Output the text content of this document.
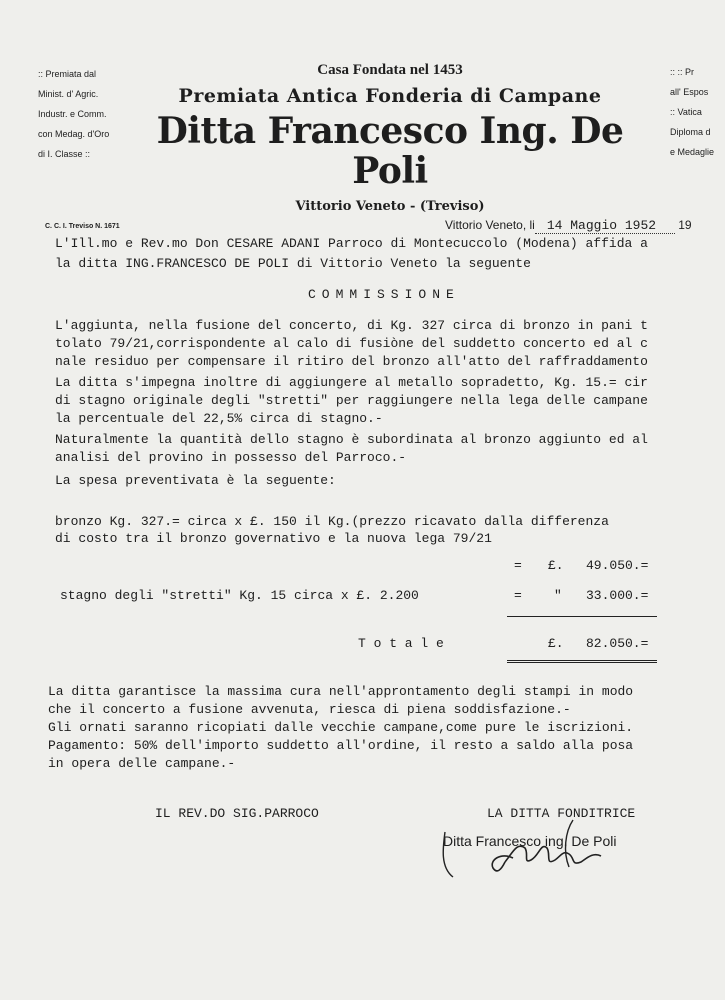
:: Premiata dal
Minist. d' Agric.
Industr. e Comm.
con Medag. d'Oro
di I. Classe ::
Casa Fondata nel 1453
Premiata Antica Fonderia di Campane
Ditta Francesco Ing. De Poli
Vittorio Veneto - (Treviso)
:: :: Pr
all' Espos
:: Vatica
Diploma d
e Medaglie
C. C. I. Treviso N. 1671	Vittorio Veneto, li 14 Maggio 1952 19
L'Ill.mo e Rev.mo Don CESARE ADANI Parroco di Montecuccolo (Modena) affida a
la ditta ING.FRANCESCO DE POLI di Vittorio Veneto la seguente
COMMISSIONE
L'aggiunta, nella fusione del concerto, di Kg. 327 circa di bronzo in pani t
tolato 79/21,corrispondente al calo di fusiòne del suddetto concerto ed al c
nale residuo per compensare il ritiro del bronzo all'atto del raffraddamento
La ditta s'impegna inoltre di aggiungere al metallo sopradetto, Kg. 15.= cir
di stagno originale degli "stretti" per raggiungere nella lega delle campane
la percentuale del 22,5% circa di stagno.-
Naturalmente la quantità dello stagno è subordinata al bronzo aggiunto ed al
analisi del provino in possesso del Parroco.-
La spesa preventivata è la seguente:
bronzo Kg. 327.= circa x £. 150 il Kg.(prezzo ricavato dalla differenza
di costo tra il bronzo governativo e la nuova lega 79/21
= £. 49.050.=
stagno degli "stretti" Kg. 15 circa x £. 2.200	= " 33.000.=
T o t a l e	£. 82.050.=
La ditta garantisce la massima cura nell'approntamento degli stampi in modo
che il concerto a fusione avvenuta, riesca di piena soddisfazione.-
Gli ornati saranno ricopiati dalle vecchie campane,come pure le iscrizioni.
Pagamento: 50% dell'importo suddetto all'ordine, il resto a saldo alla posa
in opera delle campane.-
IL REV.DO SIG.PARROCO	LA DITTA FONDITRICE
Ditta Francesco ing. De Poli
